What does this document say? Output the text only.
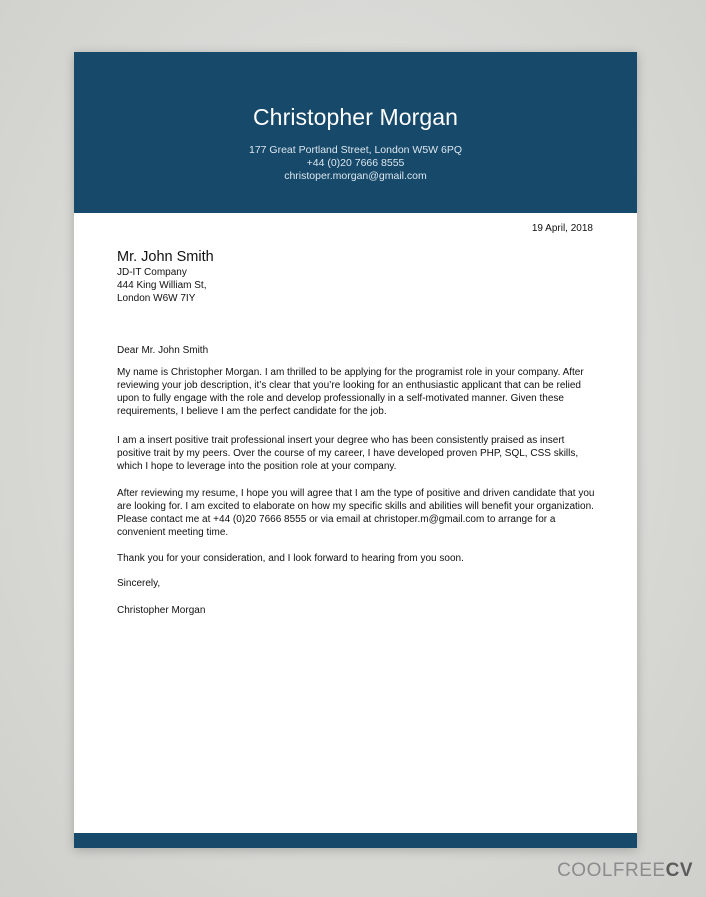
Christopher Morgan
177 Great Portland Street, London W5W 6PQ
+44 (0)20 7666 8555
christoper.morgan@gmail.com
19 April, 2018
Mr. John Smith
JD-IT Company
444 King William St,
London W6W 7IY
Dear Mr. John Smith
My name is Christopher Morgan. I am thrilled to be applying for the programist role in your company. After reviewing your job description, it’s clear that you’re looking for an enthusiastic applicant that can be relied upon to fully engage with the role and develop professionally in a self-motivated manner. Given these requirements, I believe I am the perfect candidate for the job.
I am a insert positive trait professional insert your degree who has been consistently praised as insert positive trait by my peers. Over the course of my career, I have developed proven PHP, SQL, CSS skills, which I hope to leverage into the position role at your company.
After reviewing my resume, I hope you will agree that I am the type of positive and driven candidate that you are looking for. I am excited to elaborate on how my specific skills and abilities will benefit your organization. Please contact me at +44 (0)20 7666 8555 or via email at christoper.m@gmail.com to arrange for a convenient meeting time.
Thank you for your consideration, and I look forward to hearing from you soon.
Sincerely,
Christopher Morgan
COOLFREECV
